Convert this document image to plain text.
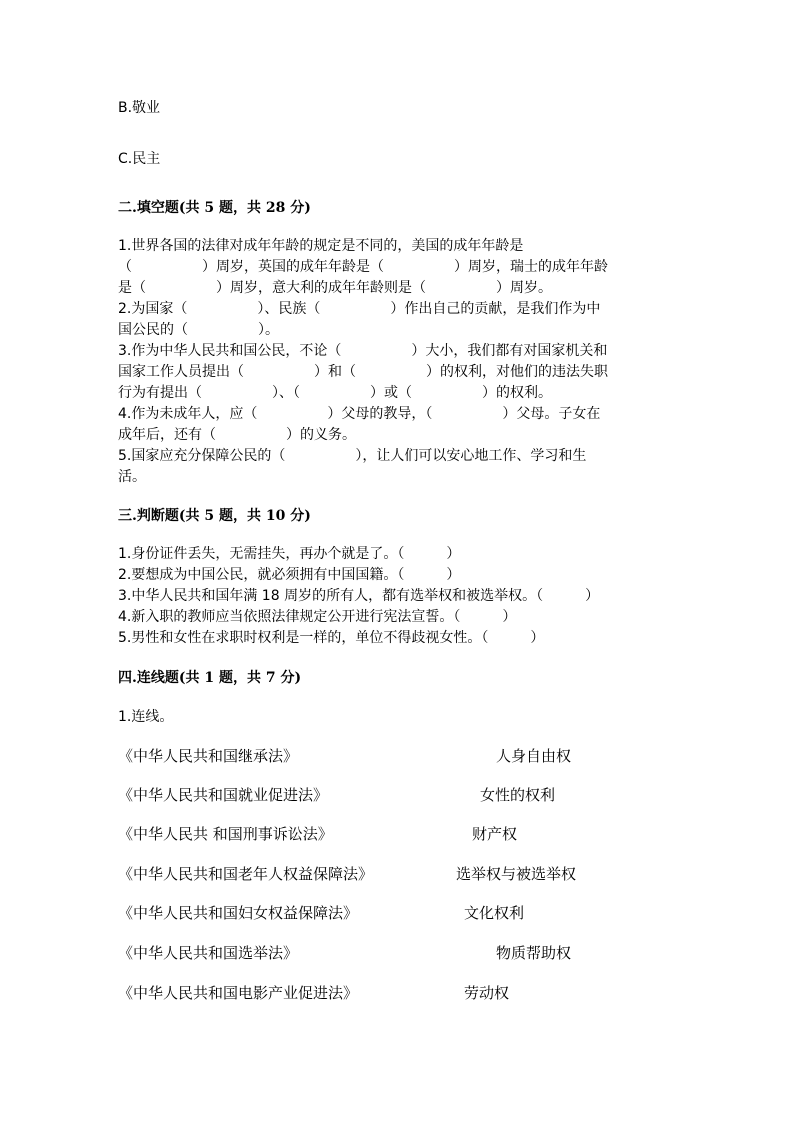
B.敬业
C.民主
二.填空题(共 5 题，共 28 分)
1.世界各国的法律对成年年龄的规定是不同的，美国的成年年龄是
（　　　　　）周岁，英国的成年年龄是（　　　　　）周岁，瑞士的成年年龄
是（　　　　　）周岁，意大利的成年年龄则是（　　　　　）周岁。
2.为国家（　　　　　）、民族（　　　　　）作出自己的贡献，是我们作为中
国公民的（　　　　　）。
3.作为中华人民共和国公民，不论（　　　　　）大小，我们都有对国家机关和
国家工作人员提出（　　　　　）和（　　　　　）的权利，对他们的违法失职
行为有提出（　　　　　）、（　　　　　）或（　　　　　）的权利。
4.作为未成年人，应（　　　　　）父母的教导，（　　　　　）父母。子女在
成年后，还有（　　　　　）的义务。
5.国家应充分保障公民的（　　　　　），让人们可以安心地工作、学习和生
活。
三.判断题(共 5 题，共 10 分)
1.身份证件丢失，无需挂失，再办个就是了。（　　　）
2.要想成为中国公民，就必须拥有中国国籍。（　　　）
3.中华人民共和国年满 18 周岁的所有人，都有选举权和被选举权。（　　　）
4.新入职的教师应当依照法律规定公开进行宪法宣誓。（　　　）
5.男性和女性在求职时权利是一样的，单位不得歧视女性。（　　　）
四.连线题(共 1 题，共 7 分)
1.连线。
《中华人民共和国继承法》
《中华人民共和国就业促进法》
《中华人民共 和国刑事诉讼法》
《中华人民共和国老年人权益保障法》
《中华人民共和国妇女权益保障法》
《中华人民共和国选举法》
《中华人民共和国电影产业促进法》
人身自由权
女性的权利
财产权
选举权与被选举权
文化权利
物质帮助权
劳动权
